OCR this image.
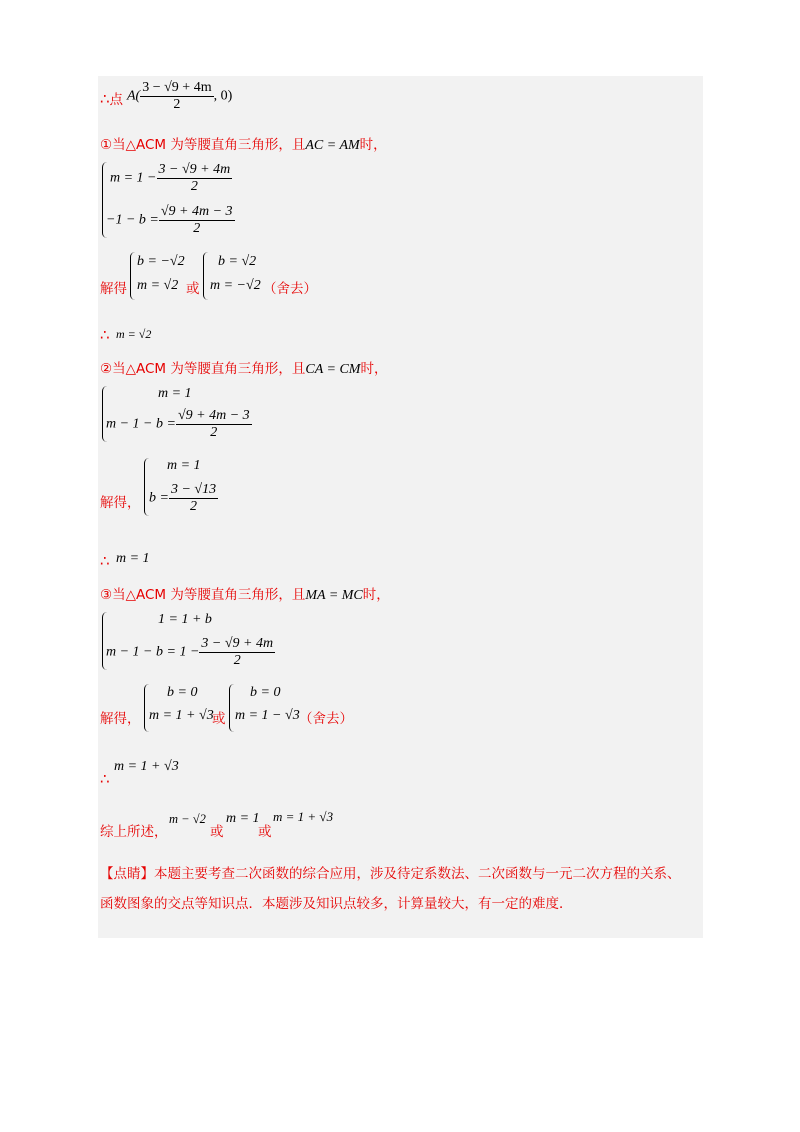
∴点 $A( \frac{3 - √9 + 4m}{2}$ , 0)
①当△ACM 为等腰直角三角形，且AC = AM时，
$m = 1 - \frac{3 - √9 + 4m}{2}$
$-1 - b = \frac{√9 + 4m - 3}{2}$
解得
b = −√2
m = √2 或
b = √2
m = −√2 （舍去）
∴ m = √2
②当△ACM 为等腰直角三角形，且CA = CM时，
m = 1
$m - 1 - b = \frac{√9 + 4m - 3}{2}$
解得，
m = 1
$b = \frac{3 - √13}{2}$
∴ m = 1
③当△ACM 为等腰直角三角形，且MA = MC时，
1 = 1 + b
$m - 1 - b = 1 - \frac{3 - √9 + 4m}{2}$
解得，
b = 0
m = 1 + √3
或
b = 0
m = 1 − √3 （舍去）
∴
m = 1 + √3
综上所述，
m − √2
或
m = 1
或
m = 1 + √3
【点睛】本题主要考查二次函数的综合应用，涉及待定系数法、二次函数与一元二次方程的关系、
函数图象的交点等知识点．本题涉及知识点较多，计算量较大，有一定的难度．
